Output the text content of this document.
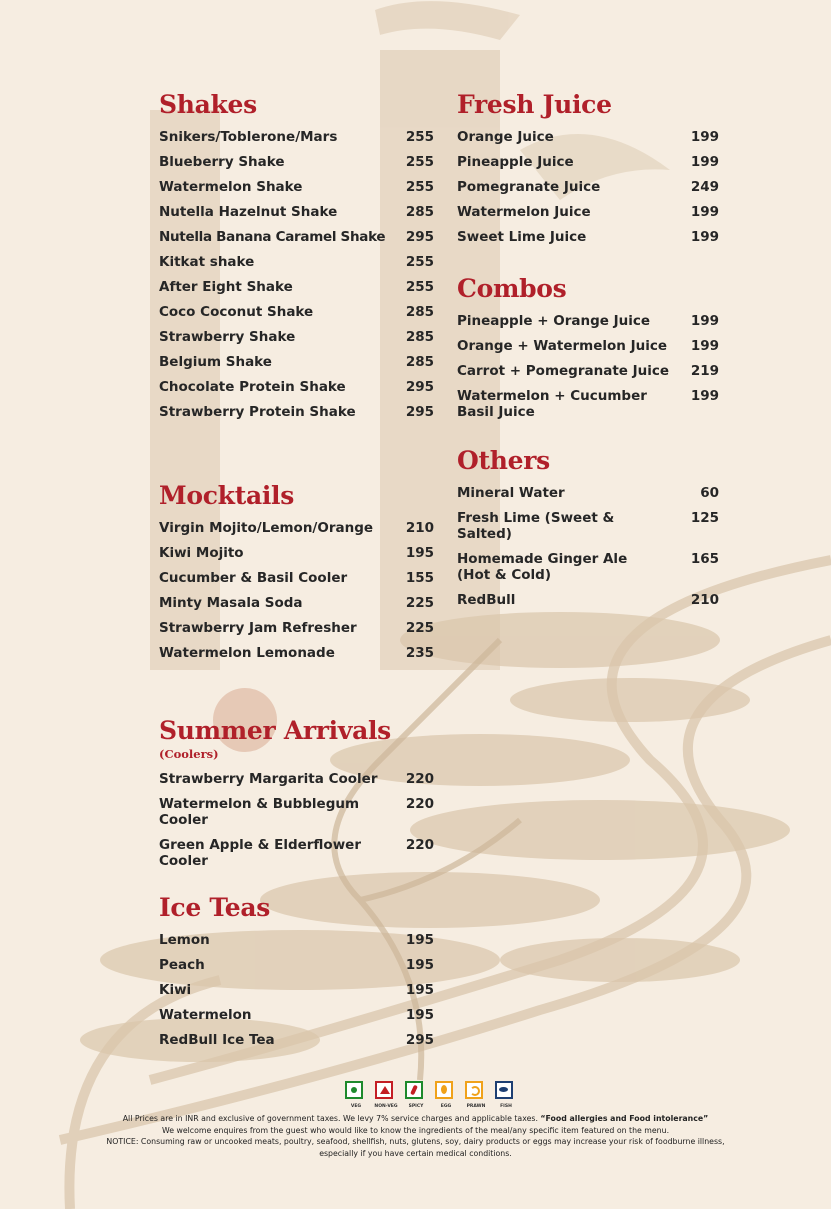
Shakes
Snikers/Toblerone/Mars	255
Blueberry Shake	255
Watermelon Shake	255
Nutella Hazelnut Shake	285
Nutella Banana Caramel Shake	295
Kitkat shake	255
After Eight Shake	255
Coco Coconut Shake	285
Strawberry Shake	285
Belgium Shake	285
Chocolate Protein Shake	295
Strawberry Protein Shake	295
Mocktails
Virgin Mojito/Lemon/Orange	210
Kiwi Mojito	195
Cucumber & Basil Cooler	155
Minty Masala Soda	225
Strawberry Jam Refresher	225
Watermelon Lemonade	235
Summer Arrivals
(Coolers)
Strawberry Margarita Cooler	220
Watermelon & Bubblegum Cooler
220
Green Apple & Elderflower Cooler
220
Ice Teas
Lemon	195
Peach	195
Kiwi	195
Watermelon	195
RedBull Ice Tea	295
Fresh Juice
Orange Juice	199
Pineapple Juice	199
Pomegranate Juice	249
Watermelon Juice	199
Sweet Lime Juice	199
Combos
Pineapple + Orange Juice	199
Orange + Watermelon Juice	199
Carrot + Pomegranate Juice 219
Watermelon + Cucumber Basil Juice
199
Others
Mineral Water	60
Fresh Lime (Sweet & Salted)
125
Homemade Ginger Ale (Hot & Cold)
165
RedBull	210
VEG	NON-VEG	SPICY	EGG	PRAWN	FISH
All Prices are in INR and exclusive of government taxes. We levy 7% service charges and applicable taxes. “Food allergies and Food intolerance”
We welcome enquires from the guest who would like to know the ingredients of the meal/any specific item featured on the menu.
NOTICE: Consuming raw or uncooked meats, poultry, seafood, shellfish, nuts, glutens, soy, dairy products or eggs may increase your risk of foodburne illness,
especially if you have certain medical conditions.
